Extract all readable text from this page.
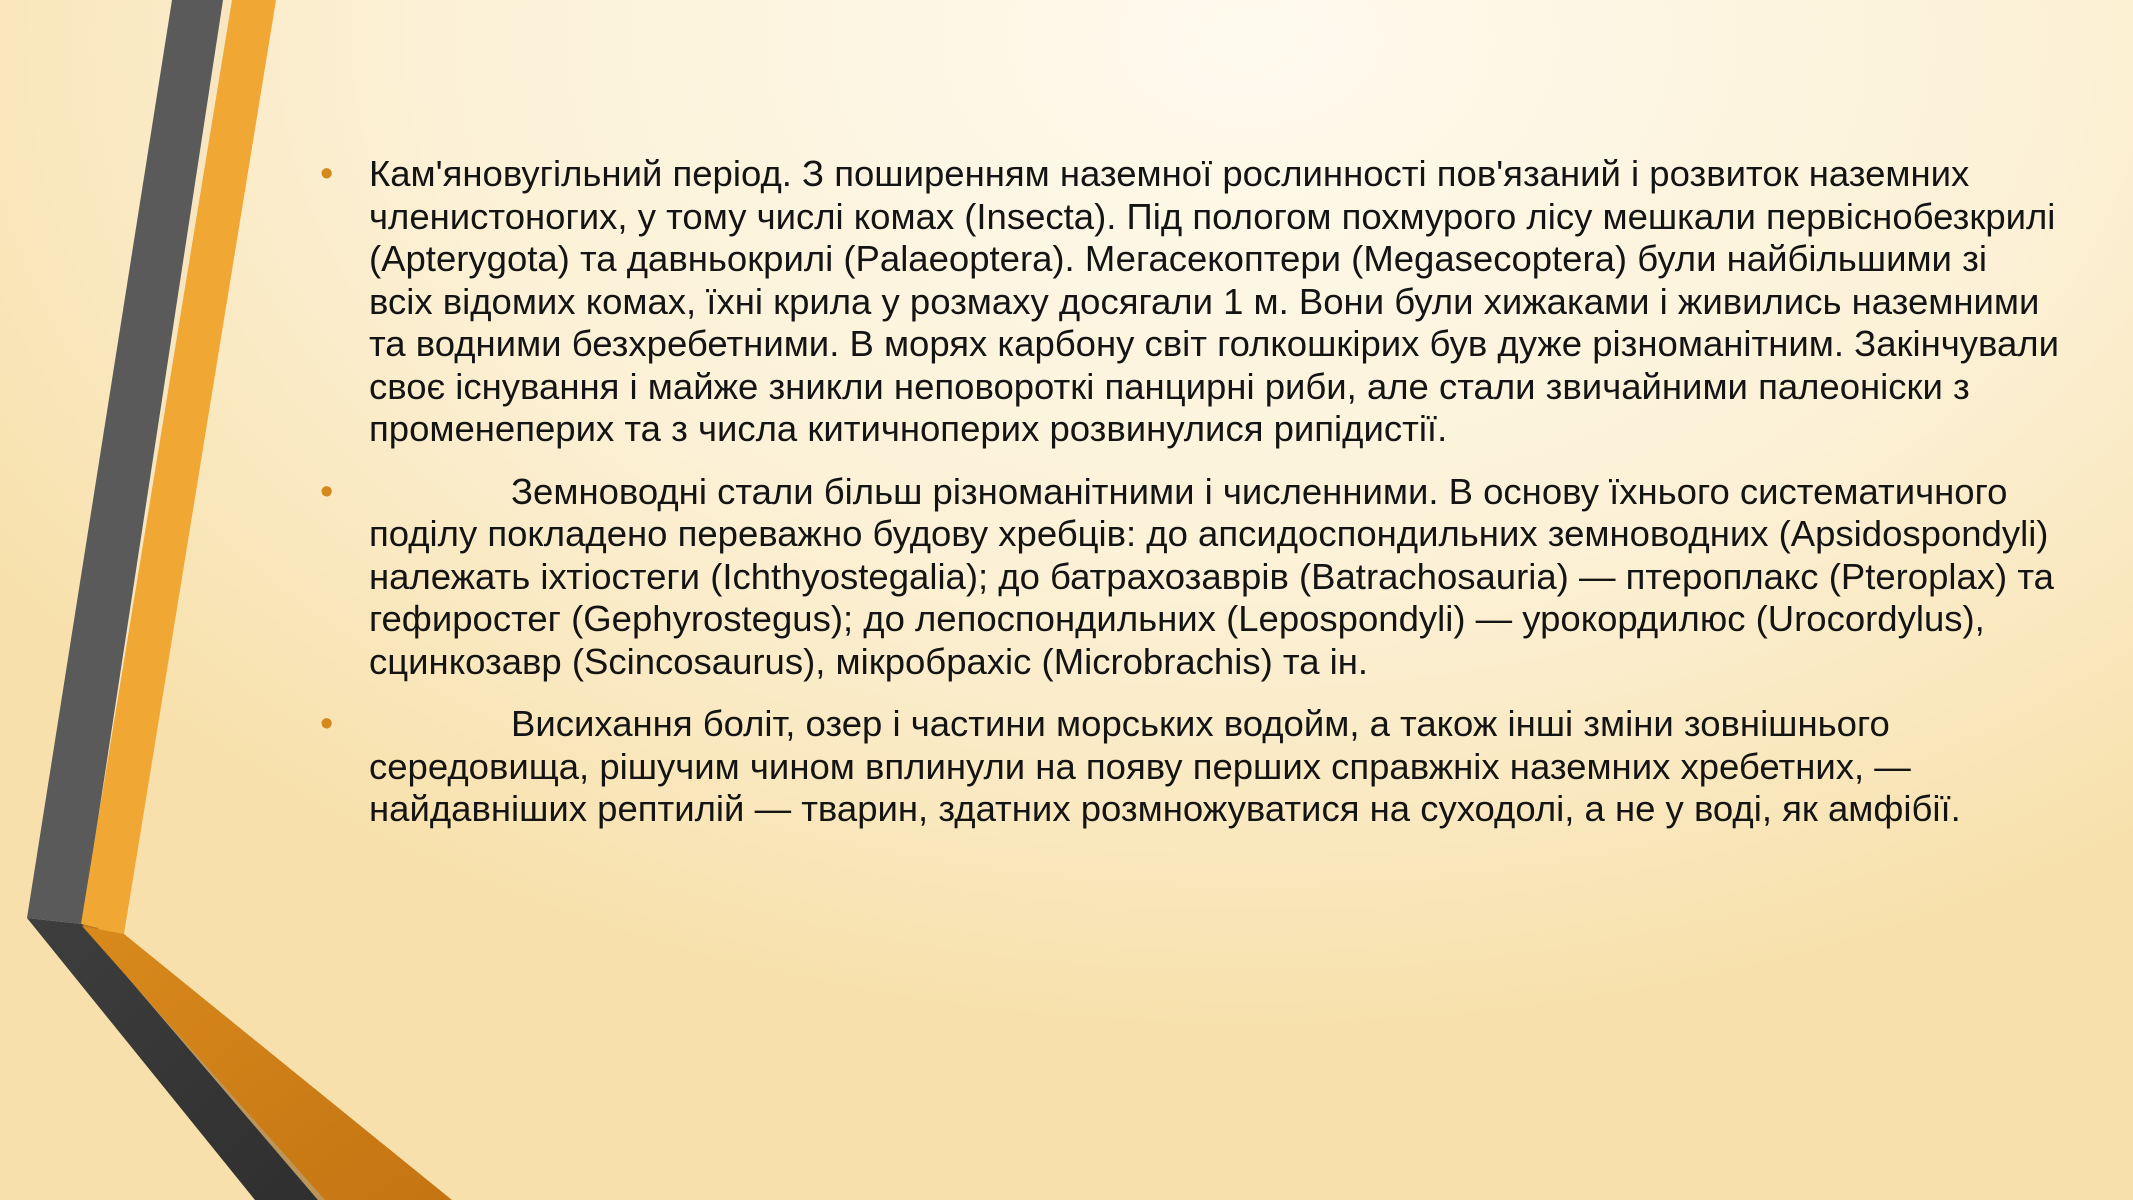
• Кам'яновугільний період. З поширенням наземної рослинності пов'язаний і розвиток наземних членистоногих, у тому числі комах (Insecta). Під пологом похмурого лісу мешкали первіснобезкрилі (Apterygota) та давньокрилі (Palaeoptera). Мегасекоптери (Megasecoptera) були найбільшими зі всіх відомих комах, їхні крила у розмаху досягали 1 м. Вони були хижаками і живились наземними та водними безхребетними. В морях карбону світ голкошкірих був дуже різноманітним. Закінчували своє існування і майже зникли неповороткі панцирні риби, але стали звичайними палеоніски з променеперих та з числа китичноперих розвинулися рипідистії.

•	Земноводні стали більш різноманітними і численними. В основу їхнього систематичного поділу покладено переважно будову хребців: до апсидоспондильних земноводних (Apsidospondyli) належать іхтіостеги (Ichthyostegalia); до батрахозаврів (Batrachosauria) — птероплакс (Pteroplax) та гефиростег (Gephyrostegus); до лепоспондильних (Lepospondyli) — урокордилюс (Urocordylus), сцинкозавр (Scincosaurus), мікробрахіс (Microbrachis) та ін.

•	Висихання боліт, озер і частини морських водойм, а також інші зміни зовнішнього середовища, рішучим чином вплинули на появу перших справжніх наземних хребетних, — найдавніших рептилій — тварин, здатних розмножуватися на суходолі, а не у воді, як амфібії.
